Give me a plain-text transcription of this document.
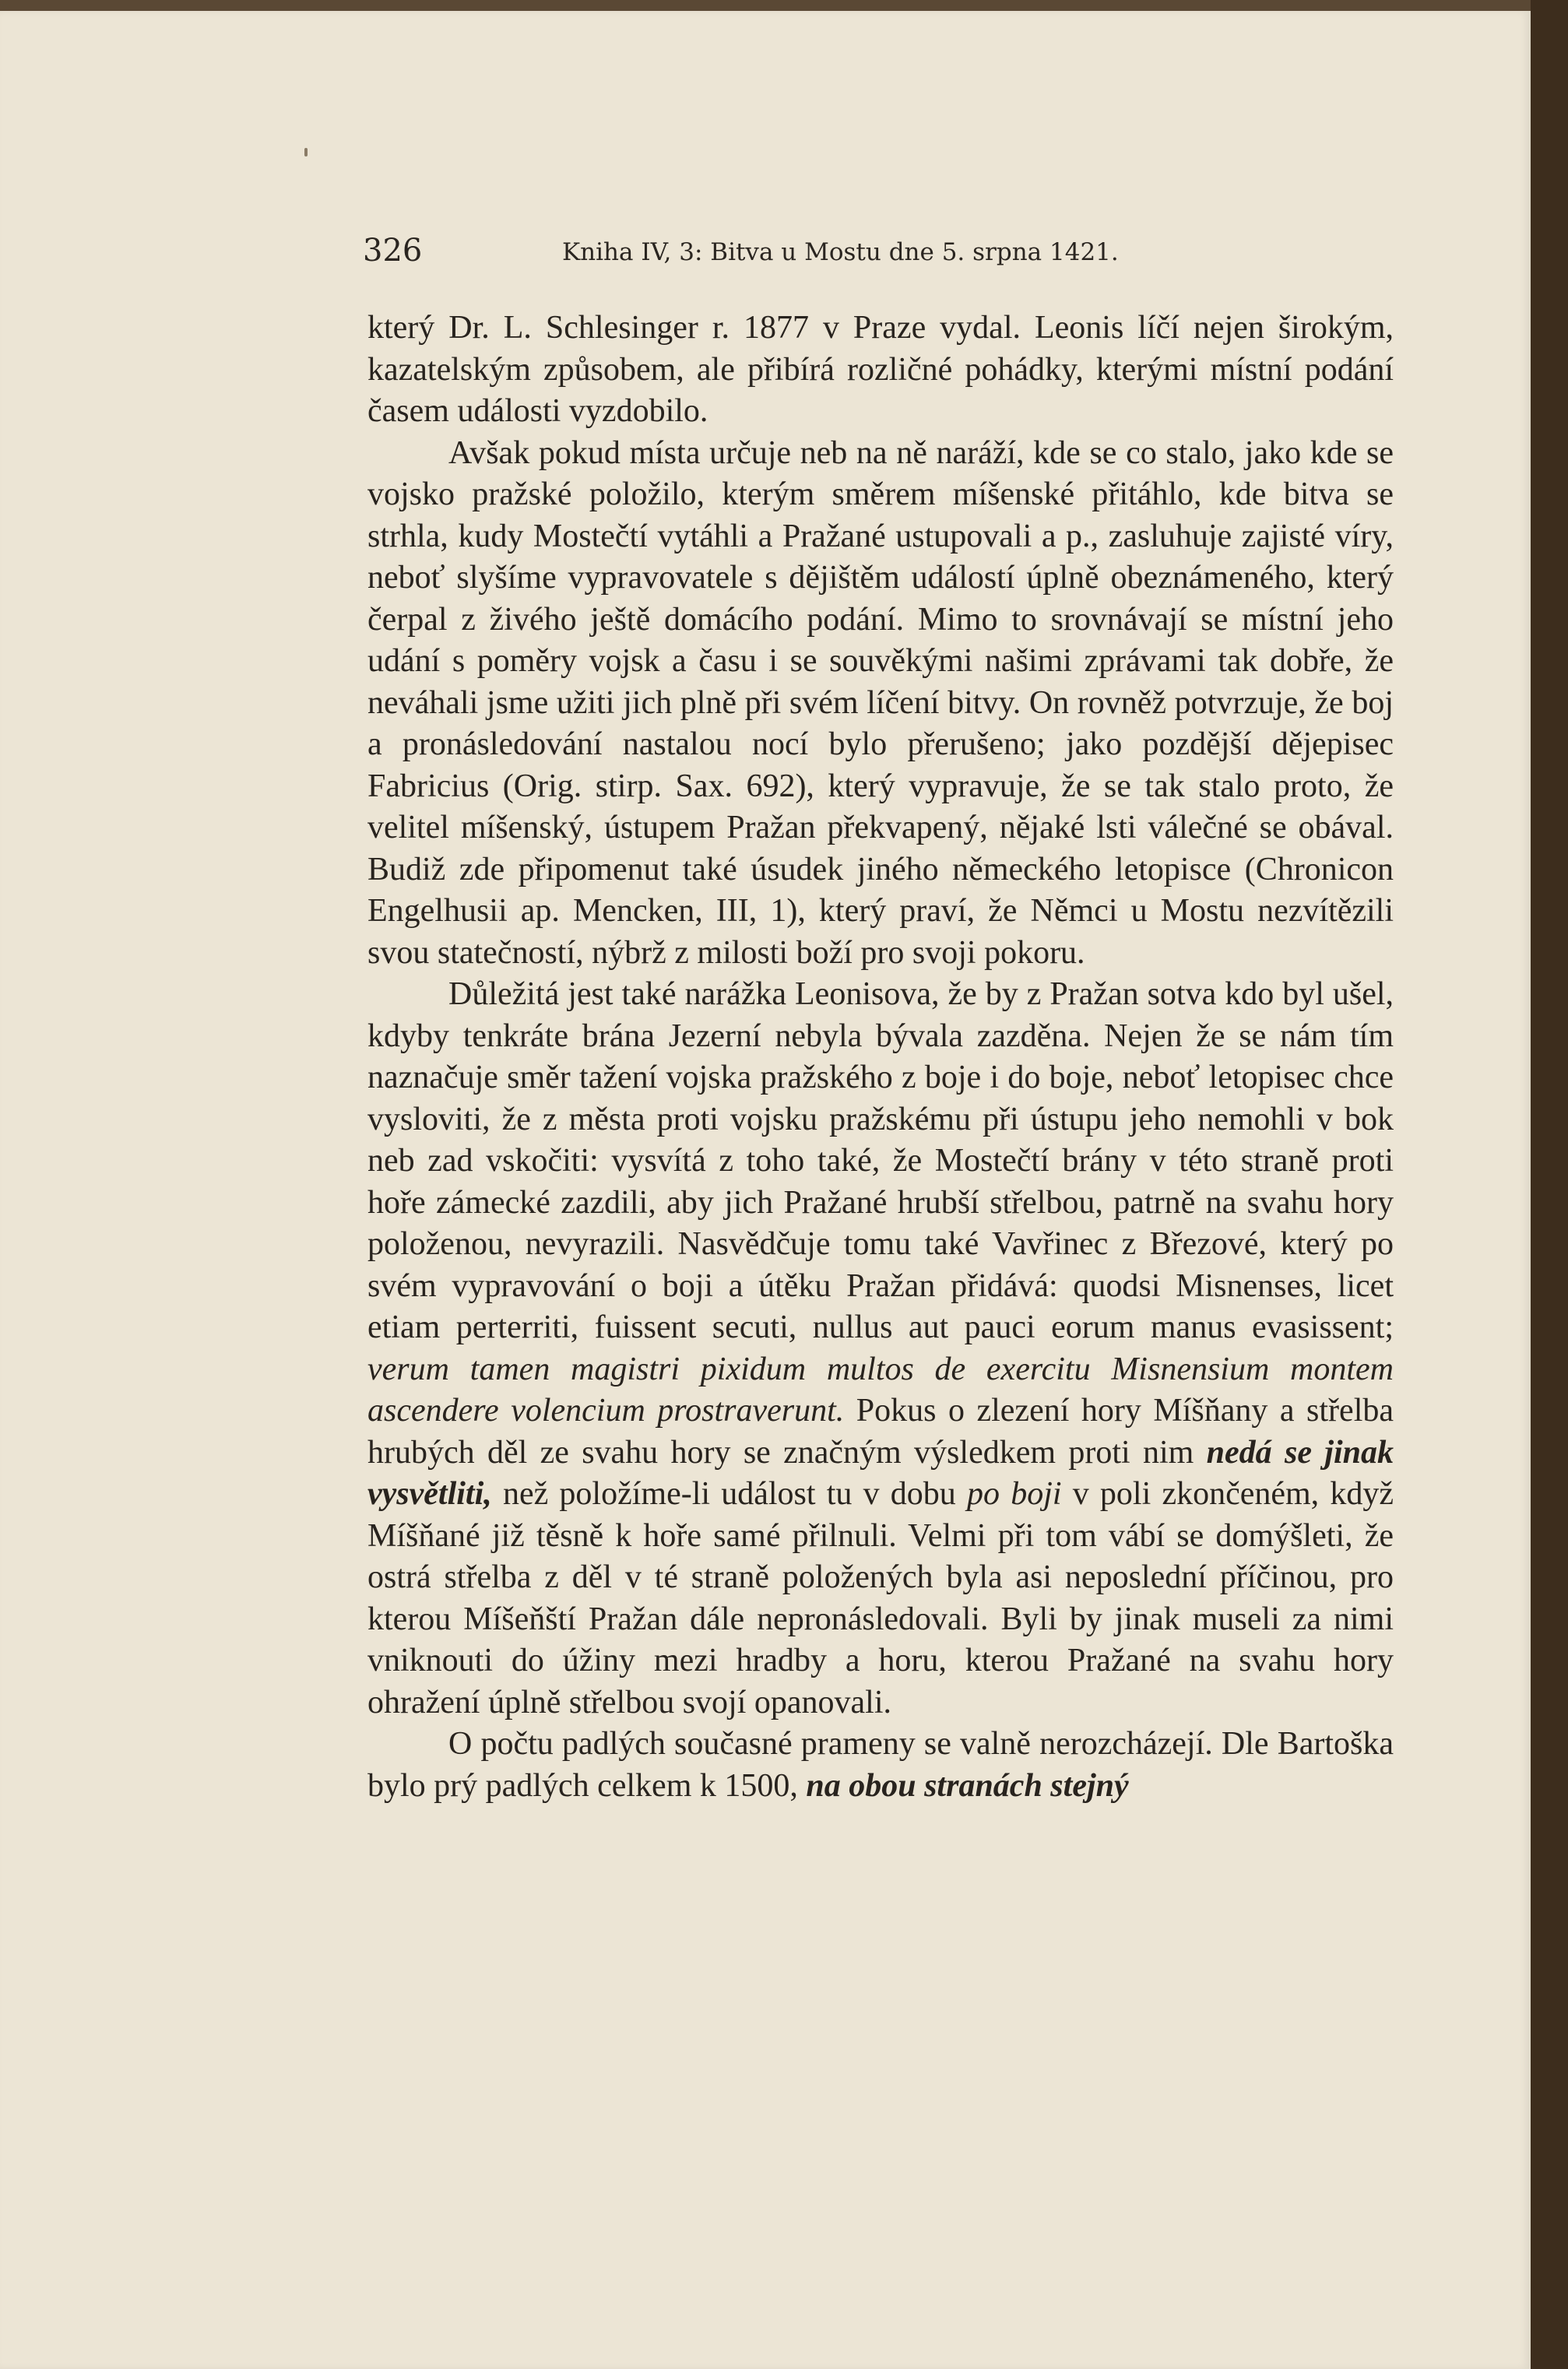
326	Kniha IV, 3: Bitva u Mostu dne 5. srpna 1421.

který Dr. L. Schlesinger r. 1877 v Praze vydal. Leonis líčí nejen širokým, kazatelským způsobem, ale přibírá rozličné pohádky, kterými místní podání časem události vyzdobilo.

Avšak pokud místa určuje neb na ně naráží, kde se co stalo, jako kde se vojsko pražské položilo, kterým směrem míšenské přitáhlo, kde bitva se strhla, kudy Mostečtí vytáhli a Pražané ustupovali a p., zasluhuje zajisté víry, neboť slyšíme vypravovatele s dějištěm událostí úplně obeznámeného, který čerpal z živého ještě domácího podání. Mimo to srovnávají se místní jeho udání s poměry vojsk a času i se souvěkými našimi zprávami tak dobře, že neváhali jsme užiti jich plně při svém líčení bitvy. On rovněž potvrzuje, že boj a pronásledování nastalou nocí bylo přerušeno; jako pozdější dějepisec Fabricius (Orig. stirp. Sax. 692), který vypravuje, že se tak stalo proto, že velitel míšenský, ústupem Pražan překvapený, nějaké lsti válečné se obával. Budiž zde připomenut také úsudek jiného německého letopisce (Chronicon Engelhusii ap. Mencken, III, 1), který praví, že Němci u Mostu nezvítězili svou statečností, nýbrž z milosti boží pro svoji pokoru.

Důležitá jest také narážka Leonisova, že by z Pražan sotva kdo byl ušel, kdyby tenkráte brána Jezerní nebyla bývala zazděna. Nejen že se nám tím naznačuje směr tažení vojska pražského z boje i do boje, neboť letopisec chce vysloviti, že z města proti vojsku pražskému při ústupu jeho nemohli v bok neb zad vskočiti: vysvítá z toho také, že Mostečtí brány v této straně proti hoře zámecké zazdili, aby jich Pražané hrubší střelbou, patrně na svahu hory položenou, nevyrazili. Nasvědčuje tomu také Vavřinec z Březové, který po svém vypravování o boji a útěku Pražan přidává: quodsi Misnenses, licet etiam perterriti, fuissent secuti, nullus aut pauci eorum manus evasissent; verum tamen magistri pixidum multos de exercitu Misnensium montem ascendere volencium prostraverunt. Pokus o zlezení hory Míšňany a střelba hrubých děl ze svahu hory se značným výsledkem proti nim nedá se jinak vysvětliti, než položíme-li událost tu v dobu po boji v poli zkončeném, když Míšňané již těsně k hoře samé přilnuli. Velmi při tom vábí se domýšleti, že ostrá střelba z děl v té straně položených byla asi neposlední příčinou, pro kterou Míšeňští Pražan dále nepronásledovali. Byli by jinak museli za nimi vniknouti do úžiny mezi hradby a horu, kterou Pražané na svahu hory ohražení úplně střelbou svojí opanovali.

O počtu padlých současné prameny se valně nerozcházejí. Dle Bartoška bylo prý padlých celkem k 1500, na obou stranách stejný
